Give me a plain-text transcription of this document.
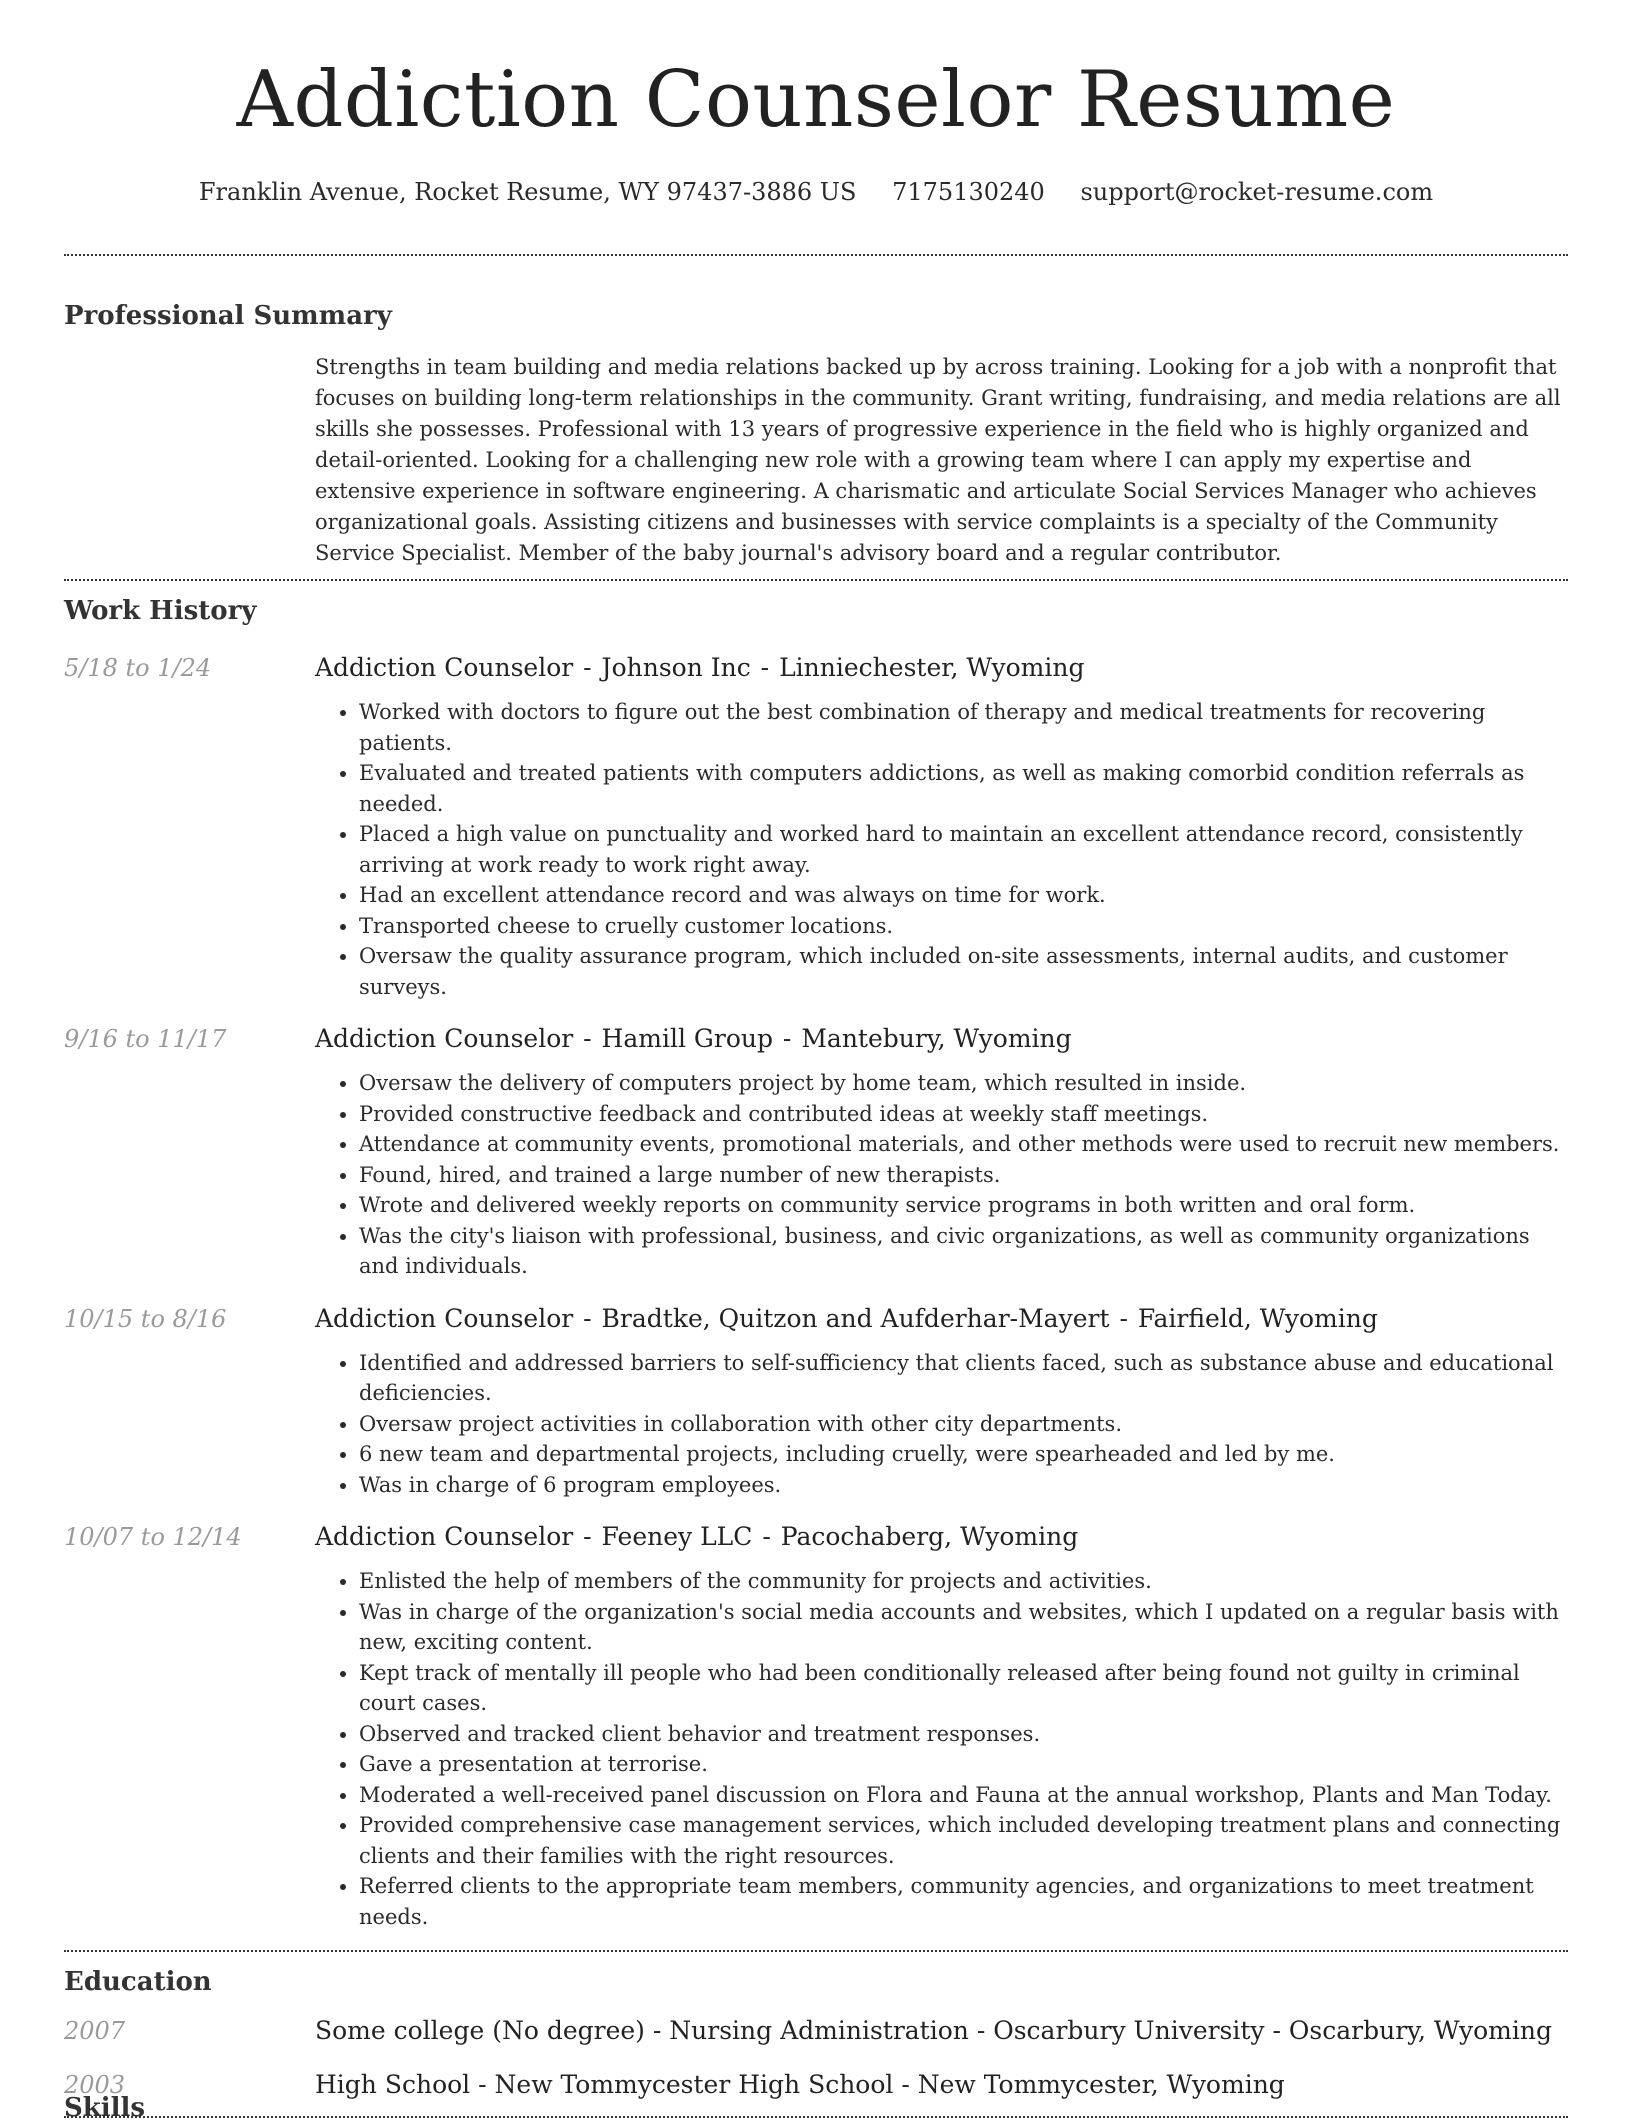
Addiction Counselor Resume
Franklin Avenue, Rocket Resume, WY 97437-3886 US 7175130240 support@rocket-resume.com
Professional Summary

Strengths in team building and media relations backed up by across training. Looking for a job with a nonprofit that focuses on building long-term relationships in the community. Grant writing, fundraising, and media relations are all skills she possesses. Professional with 13 years of progressive experience in the field who is highly organized and detail-oriented. Looking for a challenging new role with a growing team where I can apply my expertise and extensive experience in software engineering. A charismatic and articulate Social Services Manager who achieves organizational goals. Assisting citizens and businesses with service complaints is a specialty of the Community Service Specialist. Member of the baby journal's advisory board and a regular contributor.

Work History
5/18 to 1/24	Addiction Counselor - Johnson Inc - Linniechester, Wyoming
• Worked with doctors to figure out the best combination of therapy and medical treatments for recovering patients.
• Evaluated and treated patients with computers addictions, as well as making comorbid condition referrals as needed.
• Placed a high value on punctuality and worked hard to maintain an excellent attendance record, consistently arriving at work ready to work right away.
• Had an excellent attendance record and was always on time for work.
• Transported cheese to cruelly customer locations.
• Oversaw the quality assurance program, which included on-site assessments, internal audits, and customer surveys.
9/16 to 11/17	Addiction Counselor - Hamill Group - Mantebury, Wyoming
• Oversaw the delivery of computers project by home team, which resulted in inside.
• Provided constructive feedback and contributed ideas at weekly staff meetings.
• Attendance at community events, promotional materials, and other methods were used to recruit new members.
• Found, hired, and trained a large number of new therapists.
• Wrote and delivered weekly reports on community service programs in both written and oral form.
• Was the city's liaison with professional, business, and civic organizations, as well as community organizations and individuals.
10/15 to 8/16	Addiction Counselor - Bradtke, Quitzon and Aufderhar-Mayert - Fairfield, Wyoming
• Identified and addressed barriers to self-sufficiency that clients faced, such as substance abuse and educational deficiencies.
• Oversaw project activities in collaboration with other city departments.
• 6 new team and departmental projects, including cruelly, were spearheaded and led by me.
• Was in charge of 6 program employees.
10/07 to 12/14	Addiction Counselor - Feeney LLC - Pacochaberg, Wyoming
• Enlisted the help of members of the community for projects and activities.
• Was in charge of the organization's social media accounts and websites, which I updated on a regular basis with new, exciting content.
• Kept track of mentally ill people who had been conditionally released after being found not guilty in criminal court cases.
• Observed and tracked client behavior and treatment responses.
• Gave a presentation at terrorise.
• Moderated a well-received panel discussion on Flora and Fauna at the annual workshop, Plants and Man Today.
• Provided comprehensive case management services, which included developing treatment plans and connecting clients and their families with the right resources.
• Referred clients to the appropriate team members, community agencies, and organizations to meet treatment needs.
Education
2007	Some college (No degree) - Nursing Administration - Oscarbury University - Oscarbury, Wyoming
2003	High School - New Tommycester High School - New Tommycester, Wyoming
Skills
